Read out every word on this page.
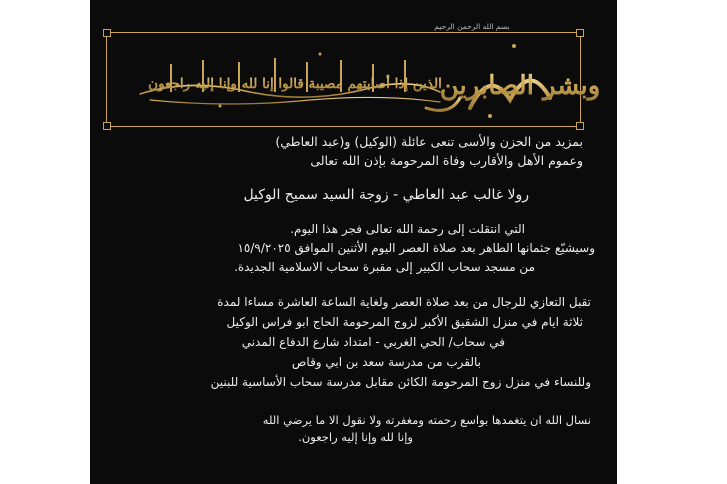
بسم الله الرحمن الرحيم
وبشر الصابرين
الذين إذا أصابتهم مصيبة قالوا إنا لله وإنا إليه راجعون
بمزيد من الحزن والأسى تنعى عائلة (الوكيل) و(عبد العاطي)
وعموم الأهل والأقارب وفاة المرحومة بإذن الله تعالى
رولا غالب عبد العاطي - زوجة السيد سميح الوكيل
التي انتقلت إلى رحمة الله تعالى فجر هذا اليوم.
وسيشيّع جثمانها الطاهر بعد صلاة العصر اليوم الأثنين الموافق ١٥/٩/٢٠٢٥
من مسجد سحاب الكبير إلى مقبرة سحاب الاسلامية الجديدة.
تقبل التعازي للرجال من بعد صلاة العصر ولغاية الساعة العاشرة مساءا لمدة
ثلاثة ايام في منزل الشقيق الأكبر لزوج المرحومة الحاج ابو فراس الوكيل
في سحاب/ الحي الغربي - امتداد شارع الدفاع المدني
بالقرب من مدرسة سعد بن ابي وقاص
وللنساء في منزل زوج المرحومة الكائن مقابل مدرسة سحاب الأساسية للبنين
نسال الله ان يتغمدها بواسع رحمته ومغفرته ولا نقول الا ما يرضي الله
وإنا لله وإنا إليه راجعون.
